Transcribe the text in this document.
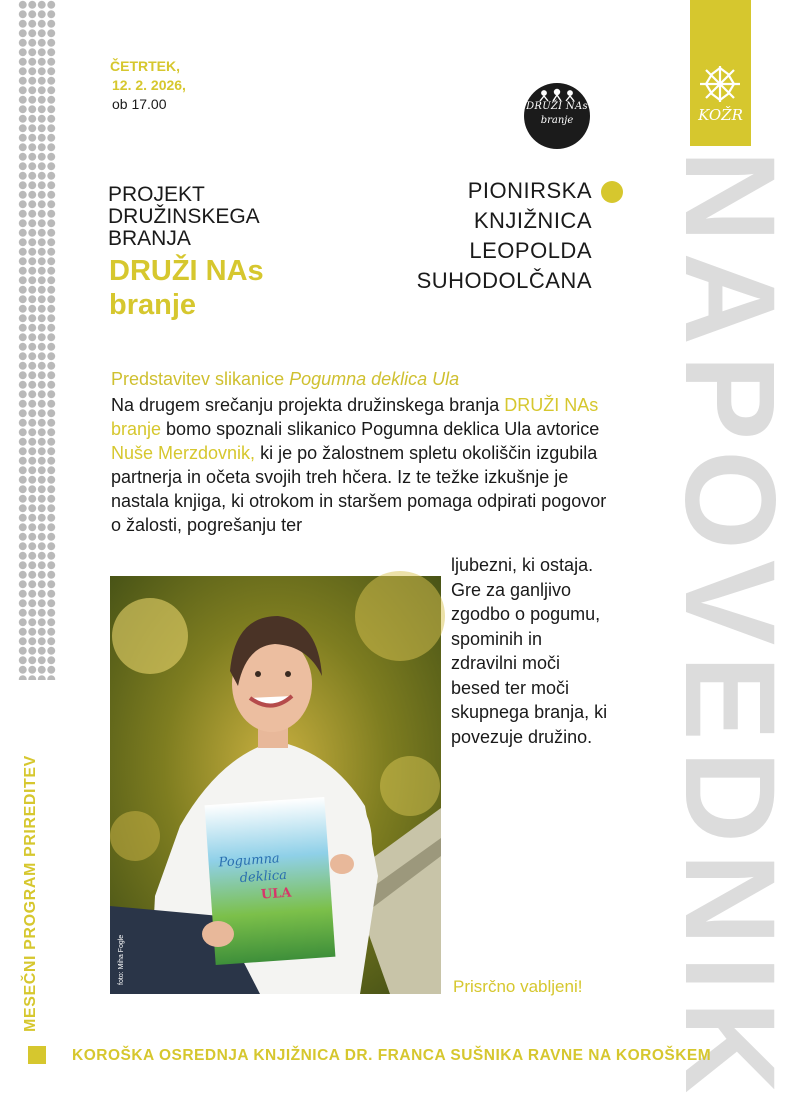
MESEČNI PROGRAM PRIREDITEV	NAPOVEDNIK
KOŽR
ČETRTEK,
12. 2. 2026,
ob 17.00	DRUŽI NAs
branje
PROJEKT
DRUŽINSKEGA
BRANJA
DRUŽI NAs
branje
PIONIRSKA
KNJIŽNICA
LEOPOLDA
SUHODOLČANA
Predstavitev slikanice Pogumna deklica Ula
Na drugem srečanju projekta družinskega branja DRUŽI NAs branje bomo spoznali slikanico Pogumna deklica Ula avtorice Nuše Merzdovnik, ki je po žalostnem spletu okoliščin izgubila partnerja in očeta svojih treh hčera. Iz te težke izkušnje je nastala knjiga, ki otrokom in staršem pomaga odpirati pogovor o žalosti, pogrešanju ter
ljubezni, ki ostaja. Gre za ganljivo zgodbo o pogumu, spominih in zdravilni moči besed ter moči skupnega branja, ki povezuje družino.
Pogumna
deklica
ULA
foto: Miha Fogle
Prisrčno vabljeni!
KOROŠKA OSREDNJA KNJIŽNICA DR. FRANCA SUŠNIKA RAVNE NA KOROŠKEM
